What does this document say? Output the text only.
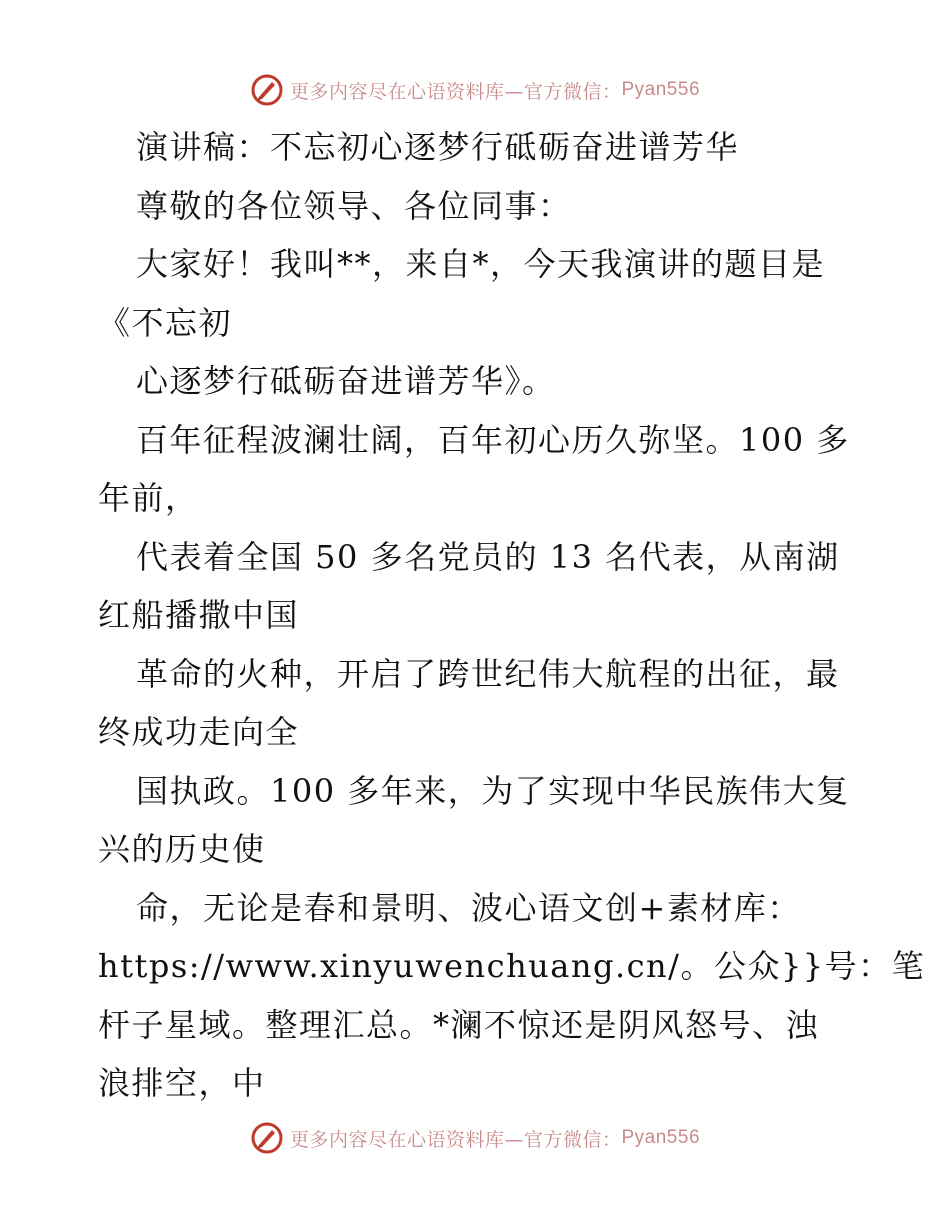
更多内容尽在心语资料库—官方微信： Pyan556
演讲稿：不忘初心逐梦行砥砺奋进谱芳华
尊敬的各位领导、各位同事：
大家好！我叫**，来自*，今天我演讲的题目是
《不忘初
心逐梦行砥砺奋进谱芳华》。
百年征程波澜壮阔，百年初心历久弥坚。100 多
年前，
代表着全国 50 多名党员的 13 名代表，从南湖
红船播撒中国
革命的火种，开启了跨世纪伟大航程的出征，最
终成功走向全
国执政。100 多年来，为了实现中华民族伟大复
兴的历史使
命，无论是春和景明、波心语文创+素材库：
https://www.xinyuwenchuang.cn/。公众}}号：笔
杆子星域。整理汇总。*澜不惊还是阴风怒号、浊
浪排空，中
更多内容尽在心语资料库—官方微信： Pyan556
